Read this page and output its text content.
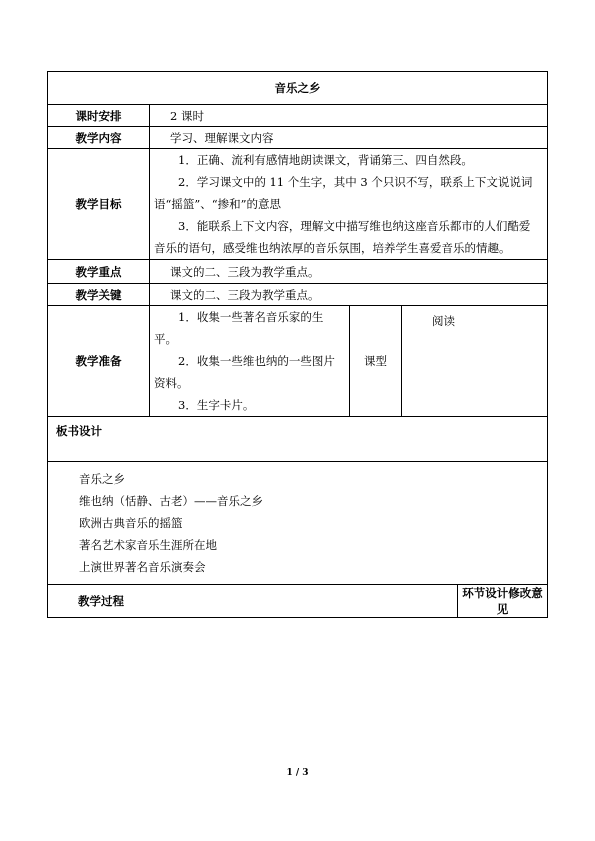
音乐之乡				
课时安排	2 课时			
教学内容	学习、理解课文内容			
教学目标	1．正确、流利有感情地朗读课文，背诵第三、四自然段。

2．学习课文中的 11 个生字，其中 3 个只识不写，联系上下文说说词语“摇篮”、“掺和”的意思

3．能联系上下文内容，理解文中描写维也纳这座音乐都市的人们酷爱音乐的语句，感受维也纳浓厚的音乐氛围，培养学生喜爱音乐的情趣。			

教学重点	课文的二、三段为教学重点。			
教学关键	课文的二、三段为教学重点。			
教学准备	1．收集一些著名音乐家的生平。

2．收集一些维也纳的一些图片资料。

3．生字卡片。	课型	阅读	
板书设计				

音乐之乡
维也纳（恬静、古老）——音乐之乡
欧洲古典音乐的摇篮
著名艺术家音乐生涯所在地
上演世界著名音乐演奏会				

教学过程				环节设计修改意见
1 / 3
